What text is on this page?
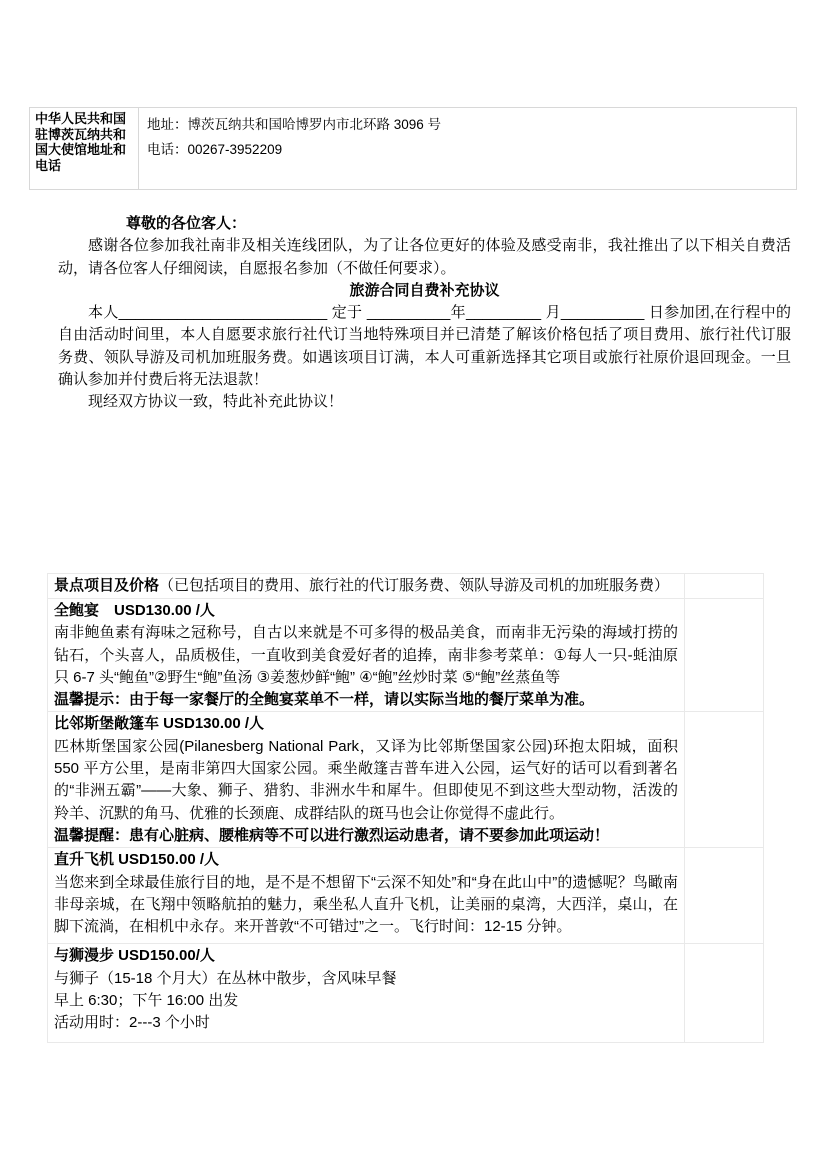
中华人民共和国驻博茨瓦纳共和国大使馆地址和电话	

地址：博茨瓦纳共和国哈博罗内市北环路 3096 号

电话：00267-3952209

尊敬的各位客人：

感谢各位参加我社南非及相关连线团队，为了让各位更好的体验及感受南非，我社推出了以下相关自费活动，请各位客人仔细阅读，自愿报名参加（不做任何要求）。

旅游合同自费补充协议

本人_________________________ 定于 __________年_________ 月__________ 日参加团,在行程中的自由活动时间里，本人自愿要求旅行社代订当地特殊项目并已清楚了解该价格包括了项目费用、旅行社代订服务费、领队导游及司机加班服务费。如遇该项目订满，本人可重新选择其它项目或旅行社原价退回现金。一旦确认参加并付费后将无法退款！

现经双方协议一致，特此补充此协议！

景点项目及价格（已包括项目的费用、旅行社的代订服务费、领队导游及司机的加班服务费）	

全鲍宴　USD130.00 /人

南非鲍鱼素有海味之冠称号，自古以来就是不可多得的极品美食，而南非无污染的海域打捞的钻石，个头喜人，品质极佳，一直收到美食爱好者的追捧，南非参考菜单：①每人一只-蚝油原只 6-7 头“鲍鱼”②野生“鲍”鱼汤 ③姜葱炒鲜“鲍” ④“鲍”丝炒时菜 ⑤“鲍”丝蒸鱼等

温馨提示：由于每一家餐厅的全鲍宴菜单不一样，请以实际当地的餐厅菜单为准。	

比邻斯堡敞篷车 USD130.00 /人

匹林斯堡国家公园(Pilanesberg National Park，又译为比邻斯堡国家公园)环抱太阳城，面积 550 平方公里，是南非第四大国家公园。乘坐敞篷吉普车进入公园，运气好的话可以看到著名的“非洲五霸”——大象、狮子、猎豹、非洲水牛和犀牛。但即使见不到这些大型动物，活泼的羚羊、沉默的角马、优雅的长颈鹿、成群结队的斑马也会让你觉得不虚此行。

温馨提醒：患有心脏病、腰椎病等不可以进行激烈运动患者，请不要参加此项运动！	

直升飞机 USD150.00 /人

当您来到全球最佳旅行目的地，是不是不想留下“云深不知处”和“身在此山中”的遗憾呢？鸟瞰南非母亲城，在飞翔中领略航拍的魅力，乘坐私人直升飞机，让美丽的桌湾，大西洋，桌山，在脚下流淌，在相机中永存。来开普敦“不可错过”之一。飞行时间：12-15 分钟。	

与狮漫步 USD150.00/人

与狮子（15-18 个月大）在丛林中散步，含风味早餐

早上 6:30；下午 16:00 出发

活动用时：2---3 个小时	
